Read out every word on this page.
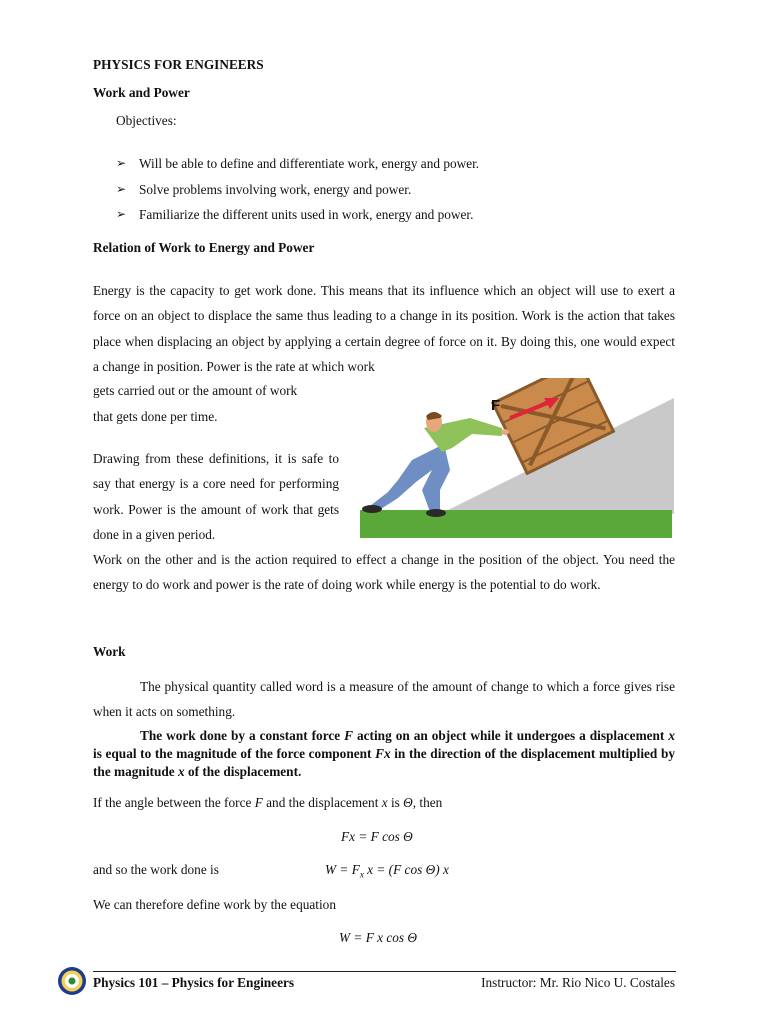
PHYSICS FOR ENGINEERS
Work and Power
Objectives:
➢ Will be able to define and differentiate work, energy and power.
➢ Solve problems involving work, energy and power.
➢ Familiarize the different units used in work, energy and power.
Relation of Work to Energy and Power

Energy is the capacity to get work done. This means that its influence which an object will use to exert a force on an object to displace the same thus leading to a change in its position. Work is the action that takes place when displacing an object by applying a certain degree of force on it. By doing this, one would expect a change in position. Power is the rate at which work

gets carried out or the amount of work
that gets done per time.

Drawing from these definitions, it is safe to say that energy is a core need for performing work. Power is the amount of work that gets done in a given period.

Work on the other and is the action required to effect a change in the position of the object. You need the energy to do work and power is the rate of doing work while energy is the potential to do work.

F
Work

The physical quantity called word is a measure of the amount of change to which a force gives rise when it acts on something.

The work done by a constant force F acting on an object while it undergoes a displacement x is equal to the magnitude of the force component Fx in the direction of the displacement multiplied by the magnitude x of the displacement.

If the angle between the force F and the displacement x is Θ, then
Fx = F cos Θ
and so the work done is	$W = F_x$ x = (F cos Θ) x
We can therefore define work by the equation
W = F x cos Θ
Physics 101 – Physics for Engineers	Instructor: Mr. Rio Nico U. Costales
